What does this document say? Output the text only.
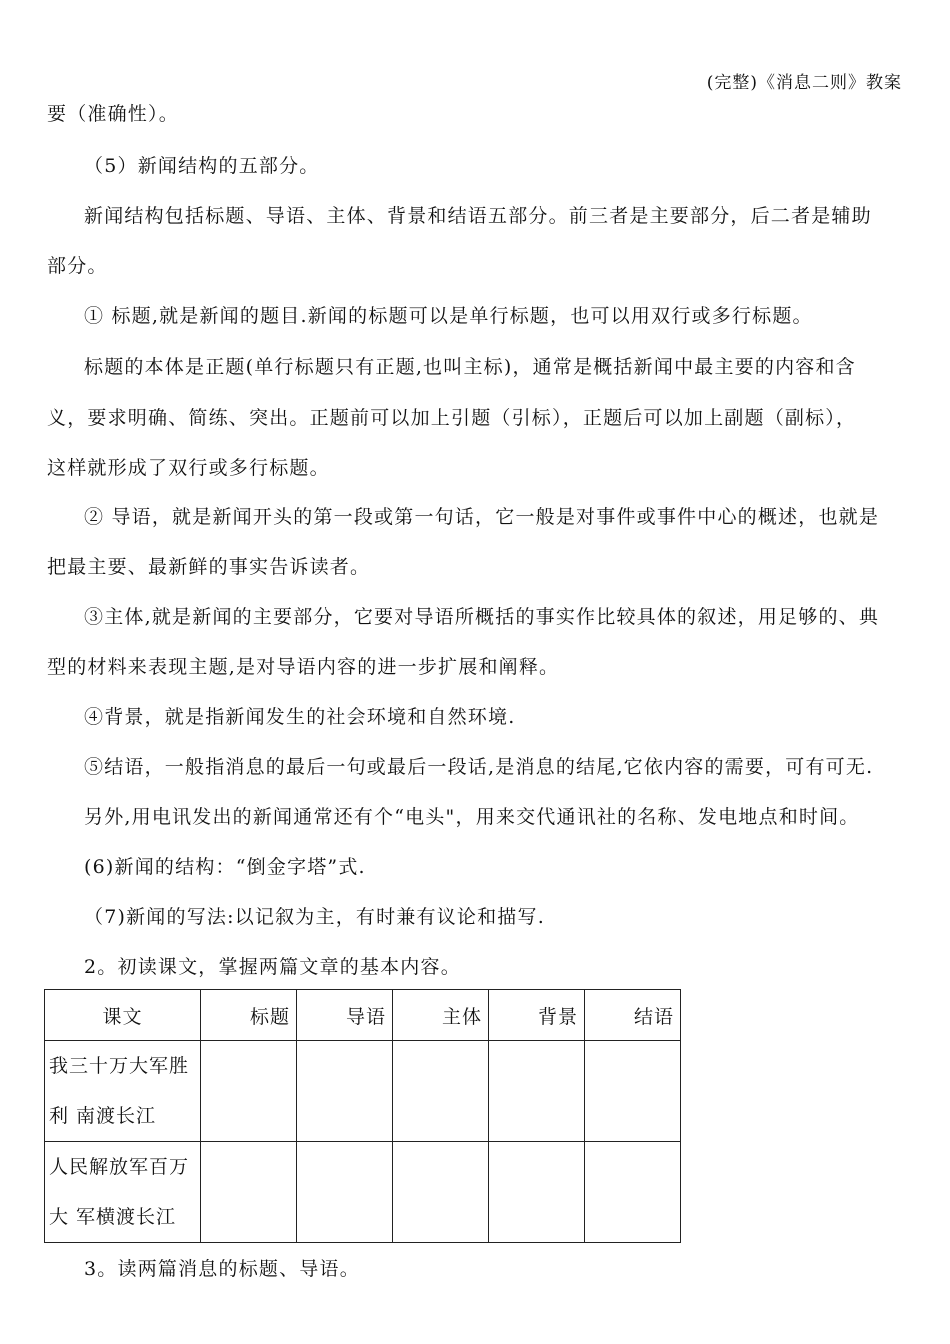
(完整)《消息二则》教案
要（准确性）。
（5）新闻结构的五部分。
新闻结构包括标题、导语、主体、背景和结语五部分。前三者是主要部分，后二者是辅助
部分。
① 标题,就是新闻的题目.新闻的标题可以是单行标题，也可以用双行或多行标题。
标题的本体是正题(单行标题只有正题,也叫主标)，通常是概括新闻中最主要的内容和含
义，要求明确、简练、突出。正题前可以加上引题（引标），正题后可以加上副题（副标），
这样就形成了双行或多行标题。
② 导语，就是新闻开头的第一段或第一句话，它一般是对事件或事件中心的概述，也就是
把最主要、最新鲜的事实告诉读者。
③主体,就是新闻的主要部分，它要对导语所概括的事实作比较具体的叙述，用足够的、典
型的材料来表现主题,是对导语内容的进一步扩展和阐释。
④背景，就是指新闻发生的社会环境和自然环境.
⑤结语，一般指消息的最后一句或最后一段话,是消息的结尾,它依内容的需要，可有可无.
另外,用电讯发出的新闻通常还有个“电头"，用来交代通讯社的名称、发电地点和时间。
(6)新闻的结构：“倒金字塔”式.
（7)新闻的写法:以记叙为主，有时兼有议论和描写.
2。初读课文，掌握两篇文章的基本内容。
课文	标题	导语	主体	背景	结语

我三十万大军胜
利 南渡长江					

人民解放军百万
大 军横渡长江					

3。读两篇消息的标题、导语。
